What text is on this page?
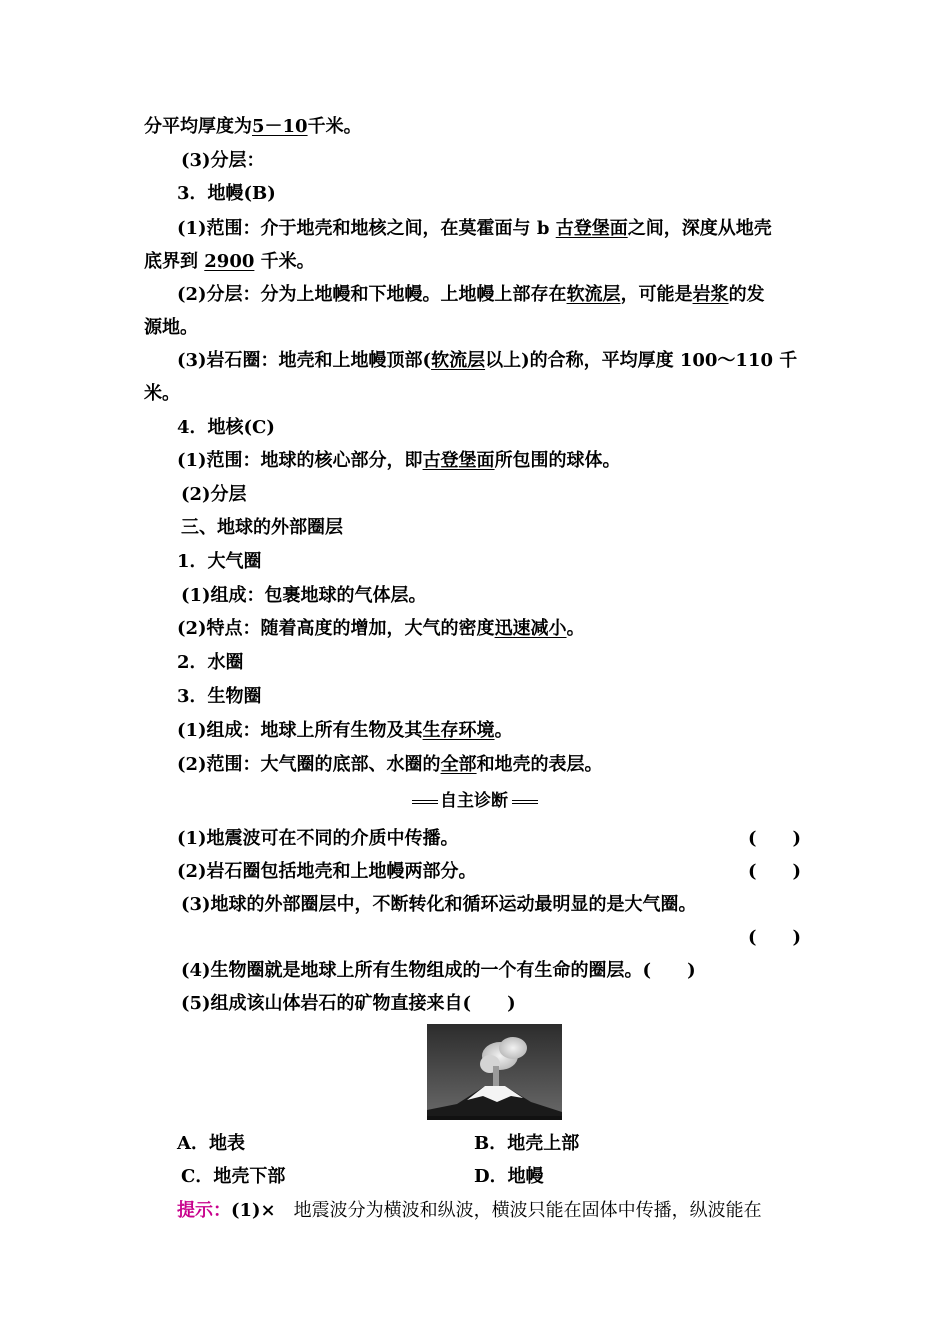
分平均厚度为5－10千米。
(3)分层：
3．地幔(B)
(1)范围：介于地壳和地核之间，在莫霍面与 b 古登堡面之间，深度从地壳
底界到 2900 千米。
(2)分层：分为上地幔和下地幔。上地幔上部存在软流层，可能是岩浆的发
源地。
(3)岩石圈：地壳和上地幔顶部(软流层以上)的合称，平均厚度 100～110 千
米。
4．地核(C)
(1)范围：地球的核心部分，即古登堡面所包围的球体。
(2)分层
三、地球的外部圈层
1．大气圈
(1)组成：包裹地球的气体层。
(2)特点：随着高度的增加，大气的密度迅速减小。
2．水圈
3．生物圈
(1)组成：地球上所有生物及其生存环境。
(2)范围：大气圈的底部、水圈的全部和地壳的表层。
自主诊断
(1)地震波可在不同的介质中传播。	(　　)
(2)岩石圈包括地壳和上地幔两部分。	(　　)
(3)地球的外部圈层中，不断转化和循环运动最明显的是大气圈。
(　　)
(4)生物圈就是地球上所有生物组成的一个有生命的圈层。(　　)
(5)组成该山体岩石的矿物直接来自(　　)
A．地表	B．地壳上部
C．地壳下部	D．地幔
提示：(1)× 地震波分为横波和纵波，横波只能在固体中传播，纵波能在
